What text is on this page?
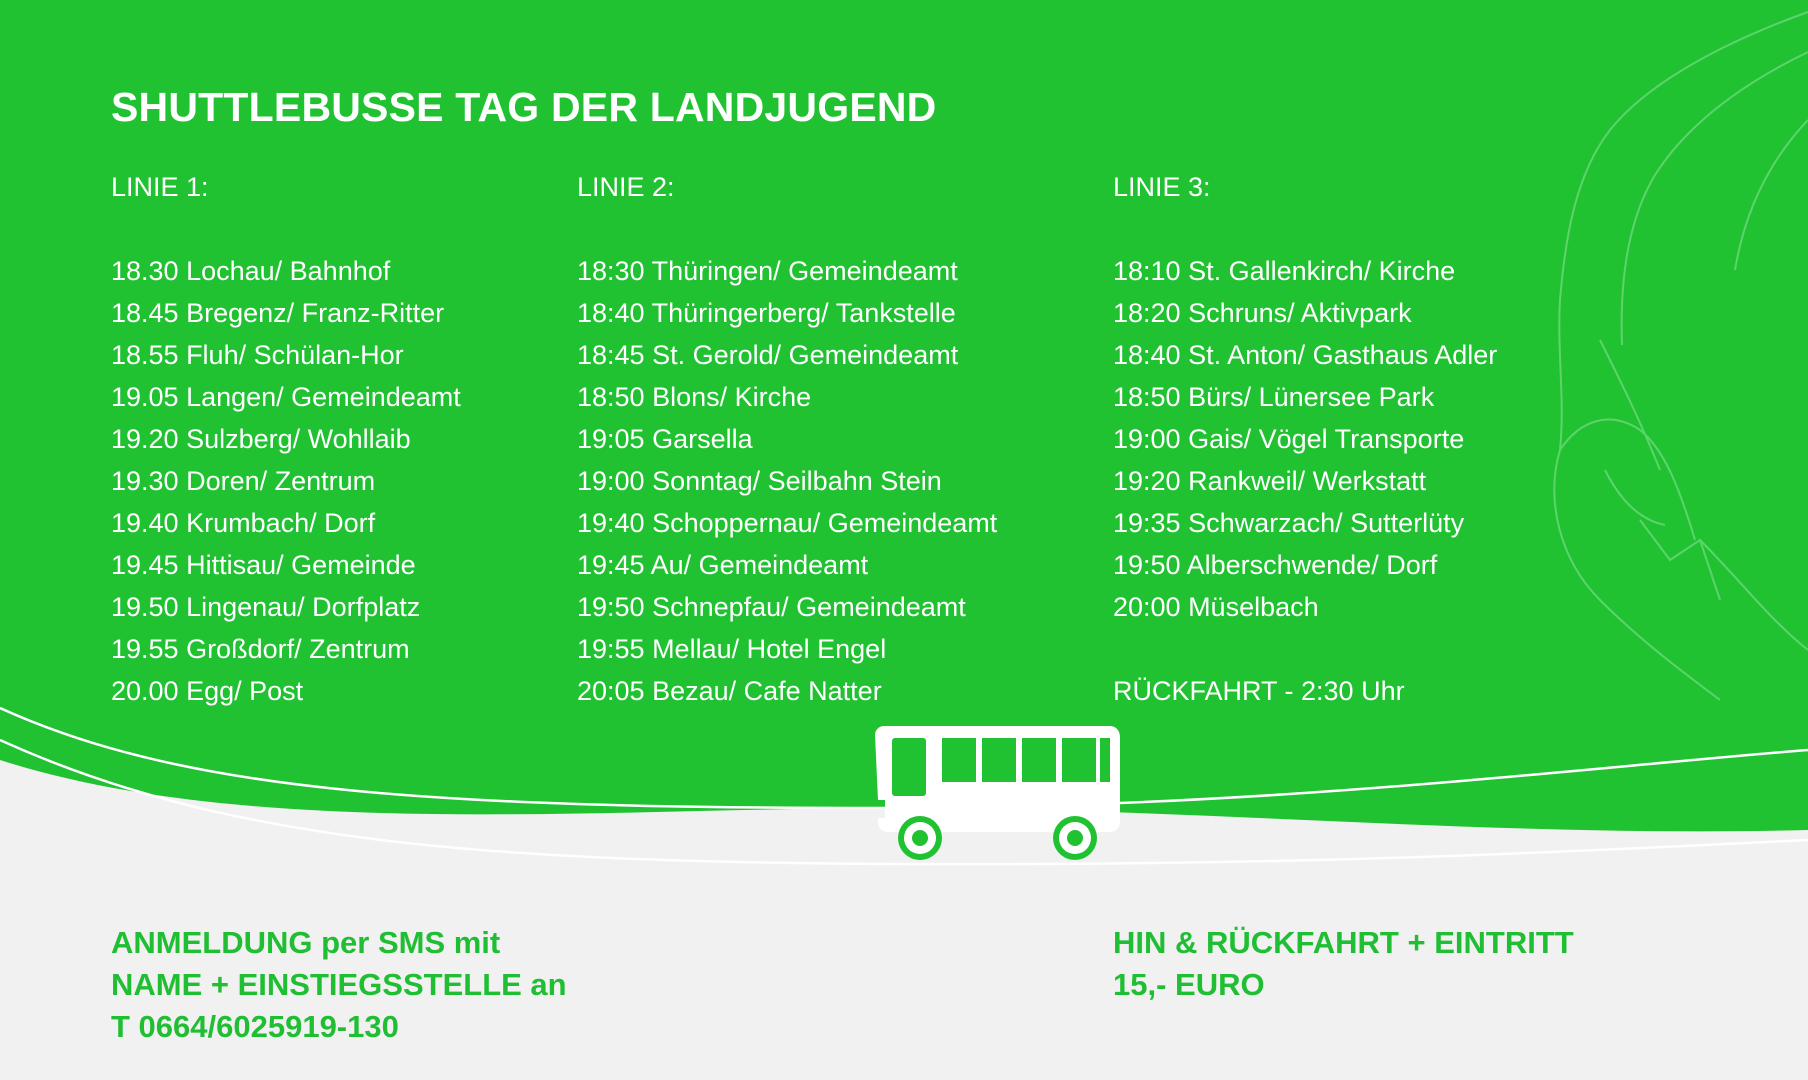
SHUTTLEBUSSE TAG DER LANDJUGEND
LINIE 1:
18.30 Lochau/ Bahnhof
18.45 Bregenz/ Franz-Ritter
18.55 Fluh/ Schülan-Hor
19.05 Langen/ Gemeindeamt
19.20 Sulzberg/ Wohllaib
19.30 Doren/ Zentrum
19.40 Krumbach/ Dorf
19.45 Hittisau/ Gemeinde
19.50 Lingenau/ Dorfplatz
19.55 Großdorf/ Zentrum
20.00 Egg/ Post
LINIE 2:
18:30 Thüringen/ Gemeindeamt
18:40 Thüringerberg/ Tankstelle
18:45 St. Gerold/ Gemeindeamt
18:50 Blons/ Kirche
19:05 Garsella
19:00 Sonntag/ Seilbahn Stein
19:40 Schoppernau/ Gemeindeamt
19:45 Au/ Gemeindeamt
19:50 Schnepfau/ Gemeindeamt
19:55 Mellau/ Hotel Engel
20:05 Bezau/ Cafe Natter
LINIE 3:
18:10 St. Gallenkirch/ Kirche
18:20 Schruns/ Aktivpark
18:40 St. Anton/ Gasthaus Adler
18:50 Bürs/ Lünersee Park
19:00 Gais/ Vögel Transporte
19:20 Rankweil/ Werkstatt
19:35 Schwarzach/ Sutterlüty
19:50 Alberschwende/ Dorf
20:00 Müselbach
RÜCKFAHRT - 2:30 Uhr
ANMELDUNG per SMS mit
NAME + EINSTIEGSSTELLE an
T 0664/6025919-130
HIN & RÜCKFAHRT + EINTRITT
15,- EURO
